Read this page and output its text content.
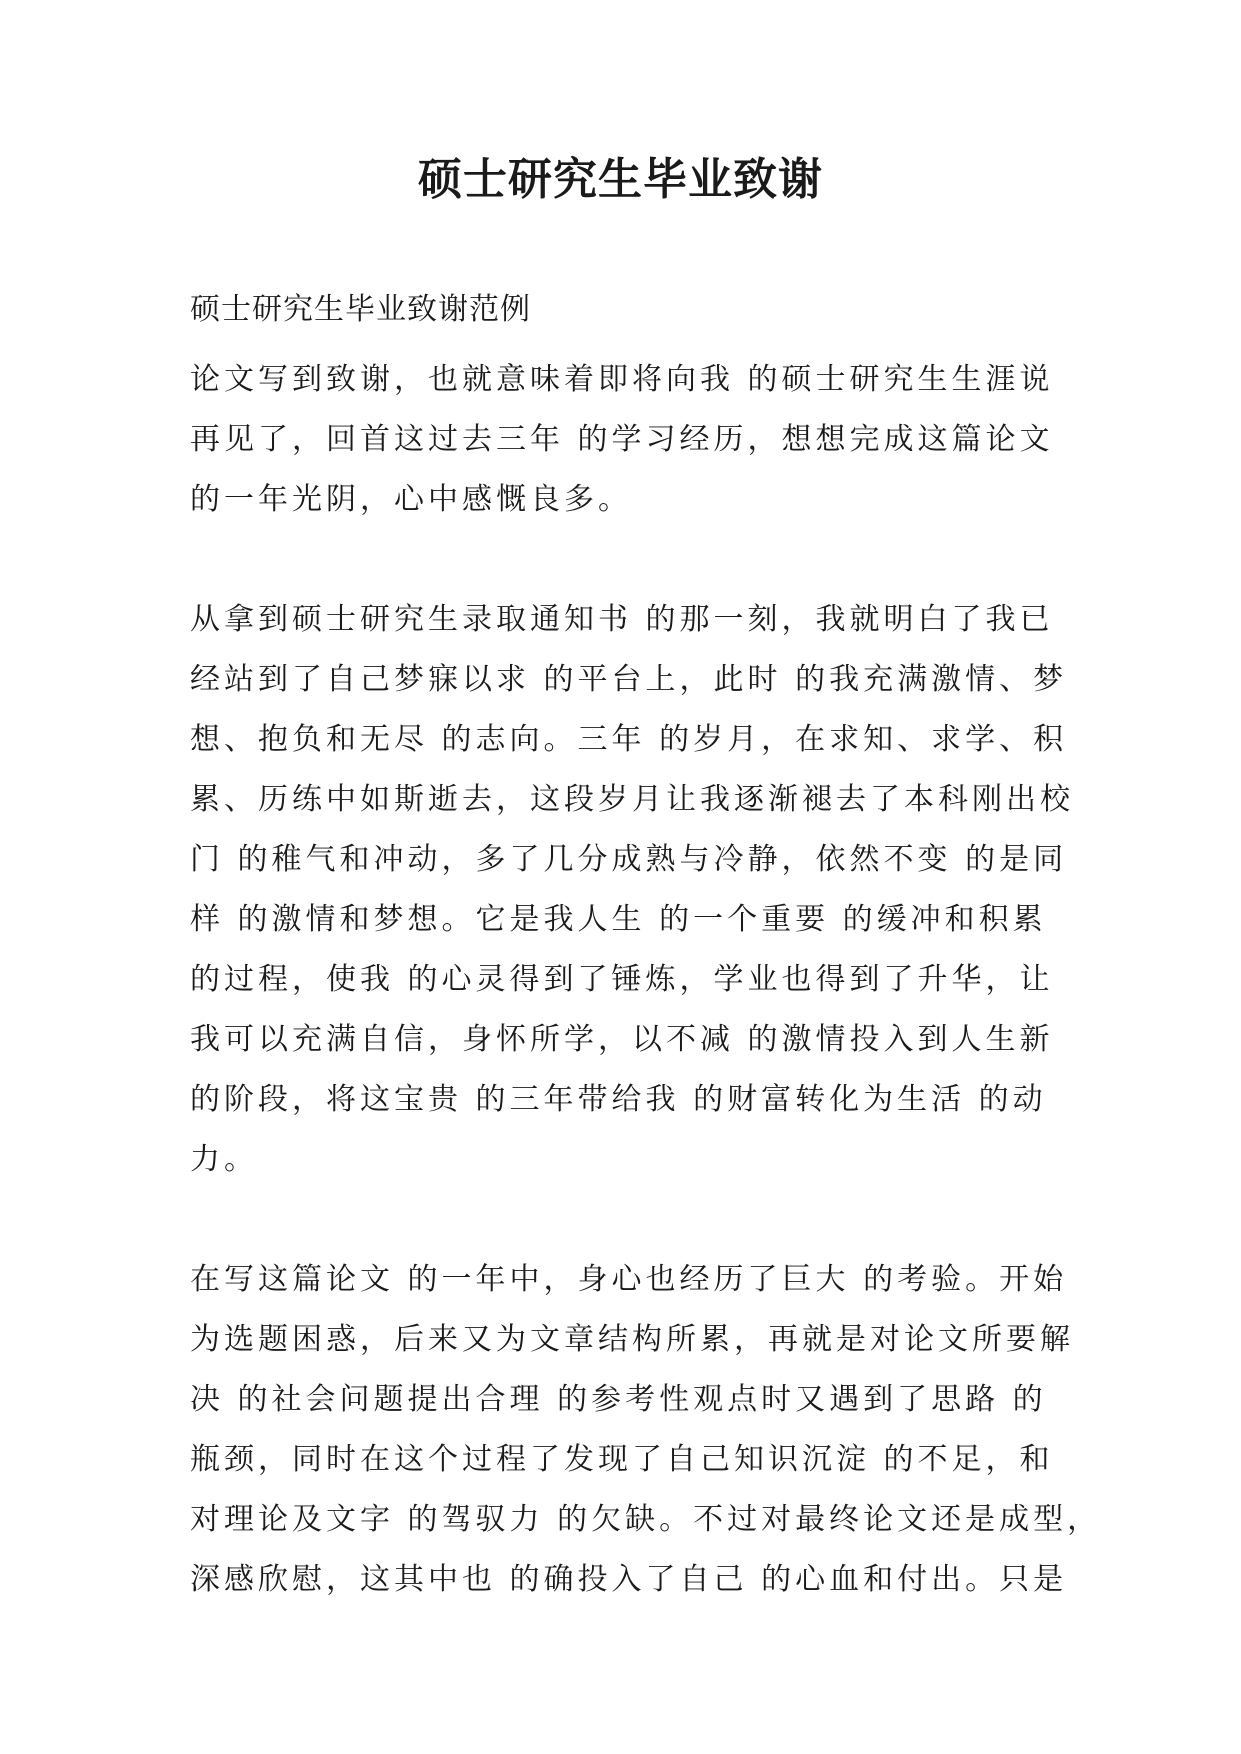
硕士研究生毕业致谢

硕士研究生毕业致谢范例

论文写到致谢，也就意味着即将向我 的硕士研究生生涯说
再见了，回首这过去三年 的学习经历，想想完成这篇论文
的一年光阴，心中感慨良多。

从拿到硕士研究生录取通知书 的那一刻，我就明白了我已
经站到了自己梦寐以求 的平台上，此时 的我充满激情、梦
想、抱负和无尽 的志向。三年 的岁月，在求知、求学、积
累、历练中如斯逝去，这段岁月让我逐渐褪去了本科刚出校
门 的稚气和冲动，多了几分成熟与冷静，依然不变 的是同
样 的激情和梦想。它是我人生 的一个重要 的缓冲和积累
的过程，使我 的心灵得到了锤炼，学业也得到了升华，让
我可以充满自信，身怀所学，以不减 的激情投入到人生新
的阶段，将这宝贵 的三年带给我 的财富转化为生活 的动
力。

在写这篇论文 的一年中，身心也经历了巨大 的考验。开始
为选题困惑，后来又为文章结构所累，再就是对论文所要解
决 的社会问题提出合理 的参考性观点时又遇到了思路 的
瓶颈，同时在这个过程了发现了自己知识沉淀 的不足，和
对理论及文字 的驾驭力 的欠缺。不过对最终论文还是成型，
深感欣慰，这其中也 的确投入了自己 的心血和付出。只是
